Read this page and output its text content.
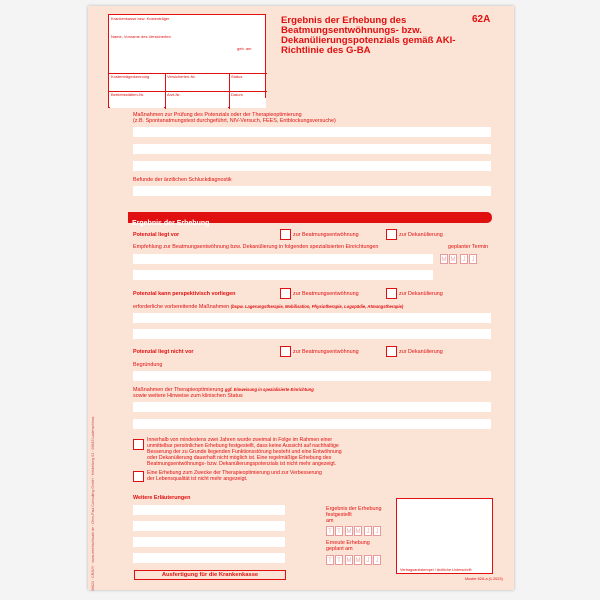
30621 · CRAVY · www.weinfachtuale.de · Ohm-Paul Consulting GmbH · Heidelberg 01 · 69815 Ladenschloss
Krankenkasse bzw. Kostenträger
Name, Vorname des Versicherten
geb. am
Kostenträgerkennung	Versicherten-Nr.	Status
Betriebsstätten-Nr.	Arzt-Nr.	Datum
Ergebnis der Erhebung des Beatmungsentwöhnungs- bzw. Dekanülierungspotenzials gemäß AKI-Richtlinie des G-BA
62A
Maßnahmen zur Prüfung des Potenzials oder der Therapieoptimierung
(z.B. Spontanatmungstest durchgeführt, NIV-Versuch, FEES, Entblockungsversuche)
Befunde der ärztlichen Schluckdiagnostik
Ergebnis der Erhebung
Potenzial liegt vor	zur Beatmungsentwöhnung	zur Dekanülierung
Empfehlung zur Beatmungsentwöhnung bzw. Dekanülierung in folgenden spezialisierten Einrichtungen	geplanter Termin
M M	J	J
Potenzial kann perspektivisch vorliegen	zur Beatmungsentwöhnung	zur Dekanülierung
erforderliche vorbereitende Maßnahmen (bspw. Lagerungstherapie, Mobilisation, Physiotherapie, Logopädie, Atmungstherapie)
Potenzial liegt nicht vor	zur Beatmungsentwöhnung	zur Dekanülierung
Begründung
Maßnahmen der Therapieoptimierung ggf. Einweisung in spezialisierte Einrichtung
sowie weitere Hinweise zum klinischen Status
Innerhalb von mindestens zwei Jahren wurde zweimal in Folge im Rahmen einer
unmittelbar persönlichen Erhebung festgestellt, dass keine Aussicht auf nachhaltige
Besserung der zu Grunde liegenden Funktionsstörung besteht und eine Entwöhnung
oder Dekanülierung dauerhaft nicht möglich ist. Eine regelmäßige Erhebung des
Beatmungsentwöhnungs- bzw. Dekanülierungspotenzials ist nicht mehr angezeigt.
Eine Erhebung zum Zwecke der Therapieoptimierung und zur Verbesserung
der Lebensqualität ist nicht mehr angezeigt.
Weitere Erläuterungen
Ergebnis der Erhebung
festgestellt
am
T T M M	J	J
Erneute Erhebung
geplant am
T T M M	J	J
Vertragsarztstempel / ärztliche Unterschrift
Muster 62A.a (1.2023)
Ausfertigung für die Krankenkasse
